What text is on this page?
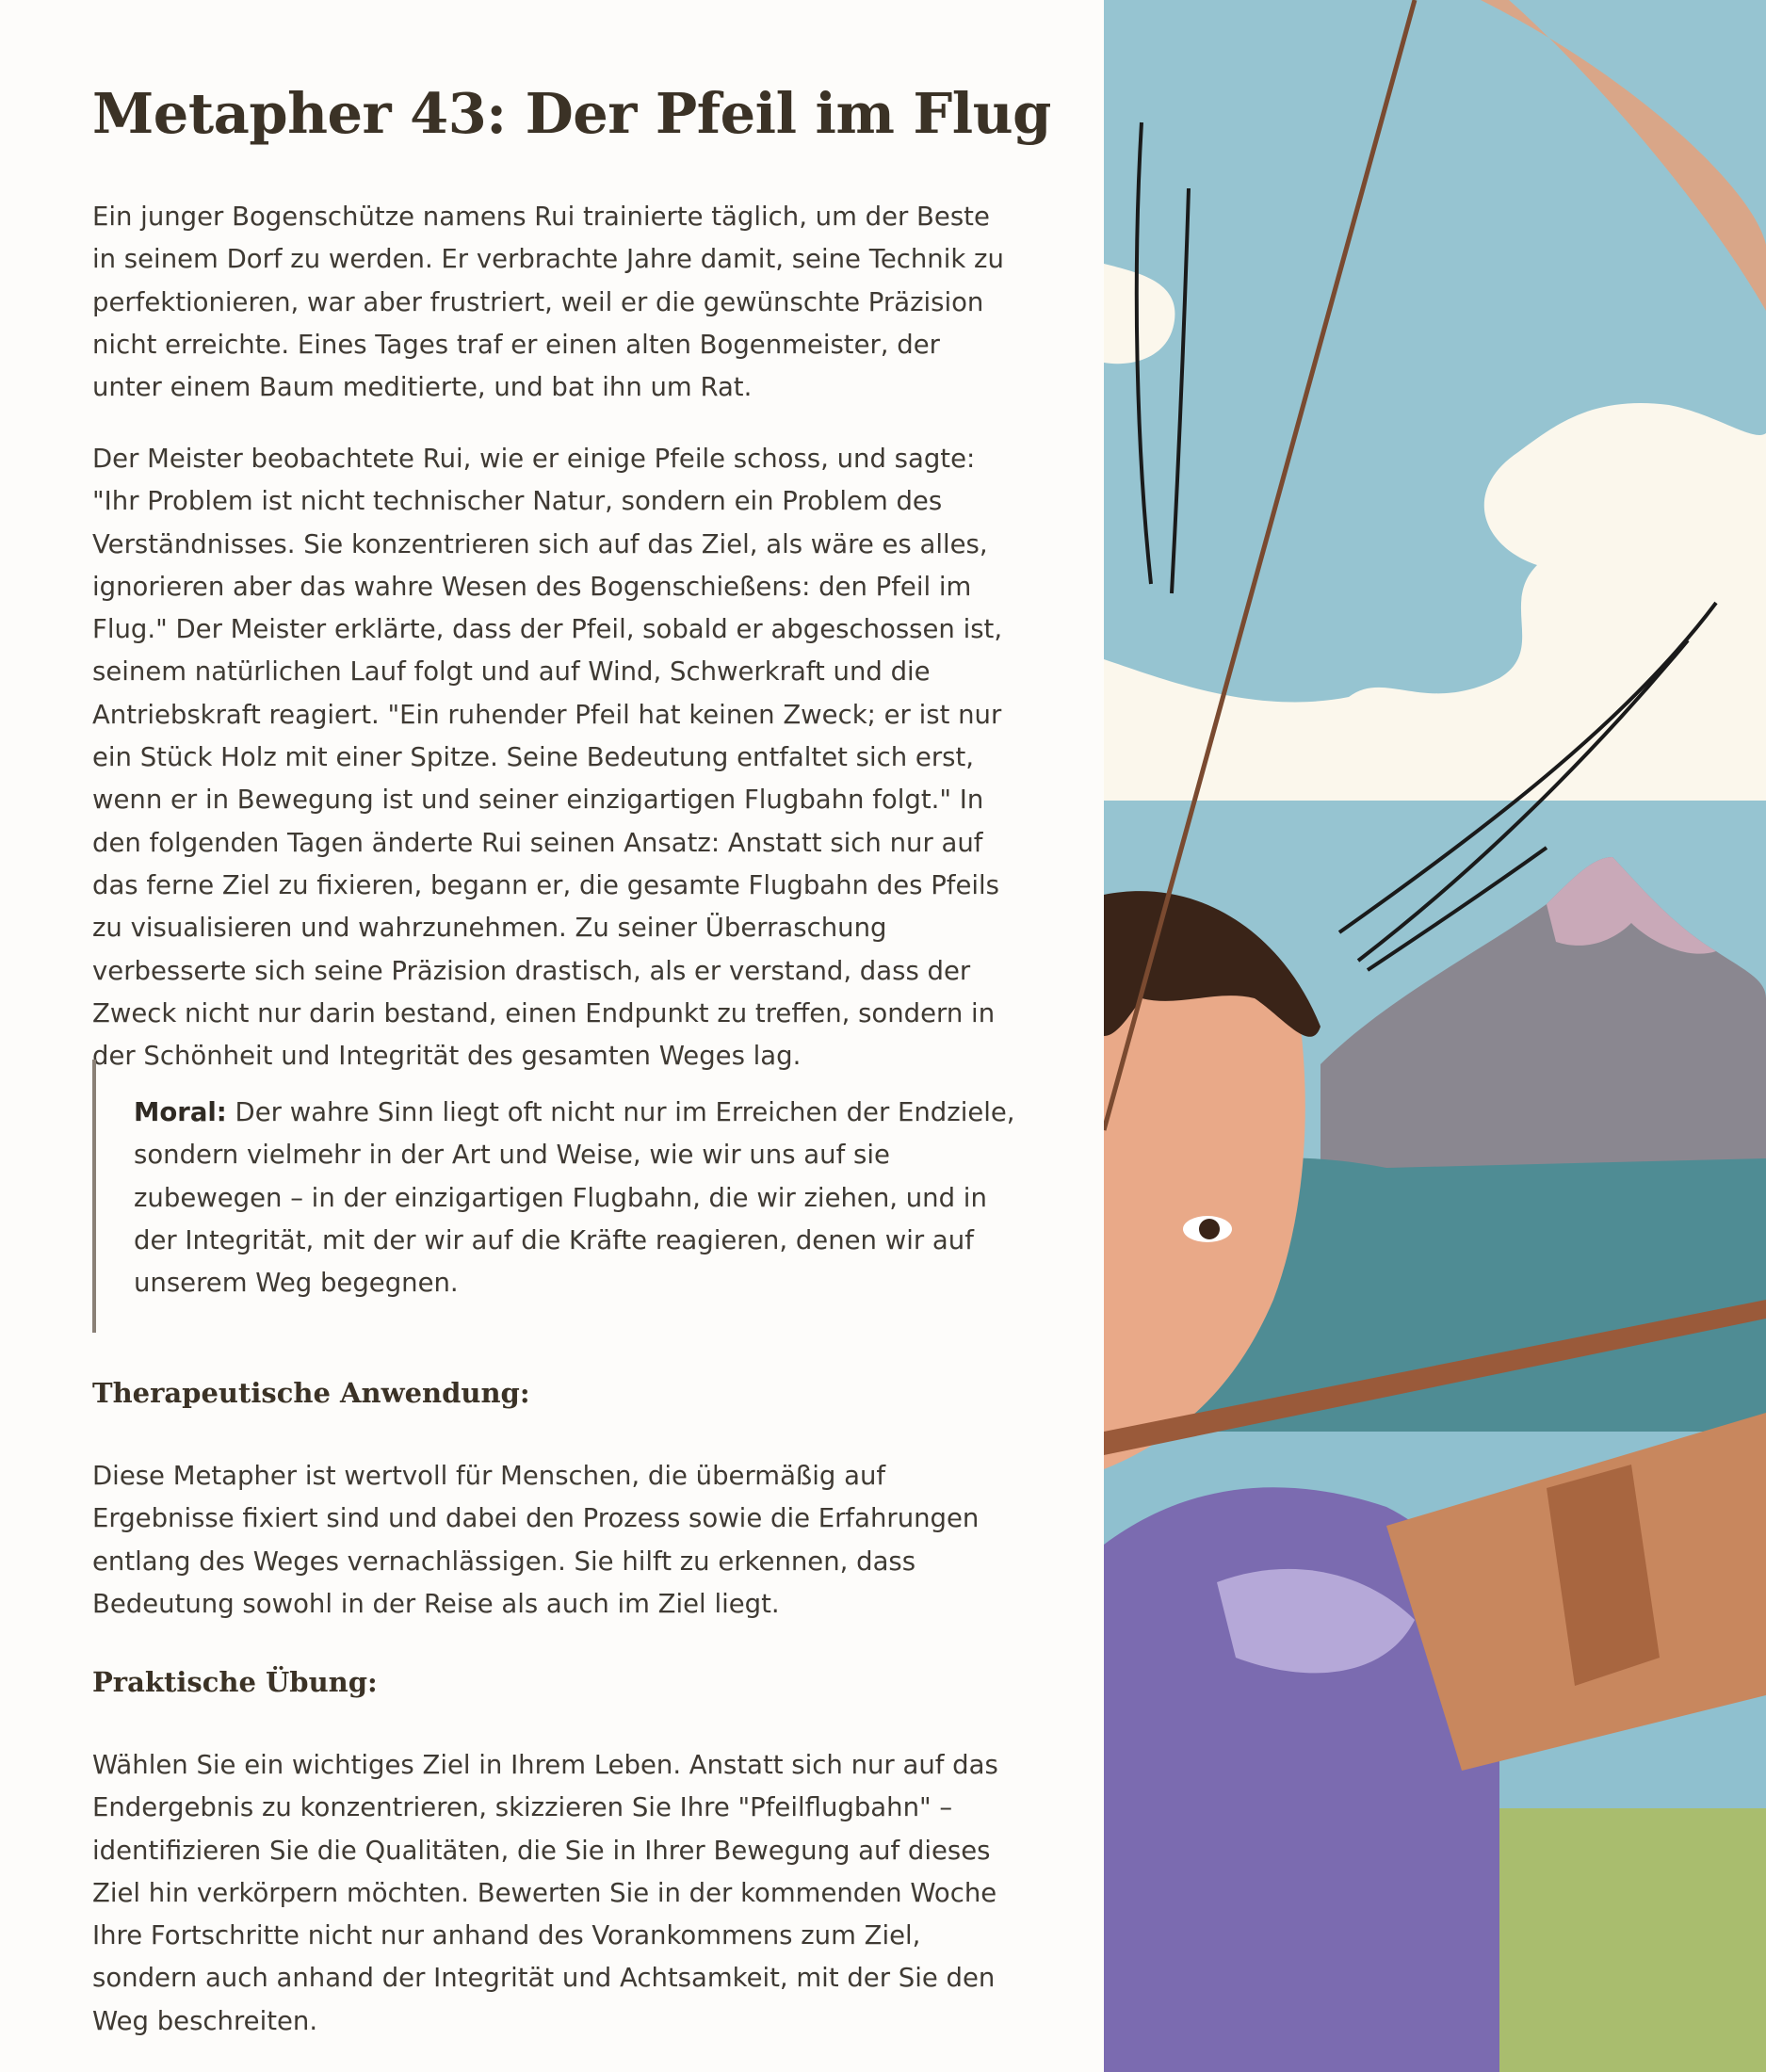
Metapher 43: Der Pfeil im Flug

Ein junger Bogenschütze namens Rui trainierte täglich, um der Beste in seinem Dorf zu werden. Er verbrachte Jahre damit, seine Technik zu perfektionieren, war aber frustriert, weil er die gewünschte Präzision nicht erreichte. Eines Tages traf er einen alten Bogenmeister, der unter einem Baum meditierte, und bat ihn um Rat.

Der Meister beobachtete Rui, wie er einige Pfeile schoss, und sagte: "Ihr Problem ist nicht technischer Natur, sondern ein Problem des Verständnisses. Sie konzentrieren sich auf das Ziel, als wäre es alles, ignorieren aber das wahre Wesen des Bogenschießens: den Pfeil im Flug." Der Meister erklärte, dass der Pfeil, sobald er abgeschossen ist, seinem natürlichen Lauf folgt und auf Wind, Schwerkraft und die Antriebskraft reagiert. "Ein ruhender Pfeil hat keinen Zweck; er ist nur ein Stück Holz mit einer Spitze. Seine Bedeutung entfaltet sich erst, wenn er in Bewegung ist und seiner einzigartigen Flugbahn folgt." In den folgenden Tagen änderte Rui seinen Ansatz: Anstatt sich nur auf das ferne Ziel zu fixieren, begann er, die gesamte Flugbahn des Pfeils zu visualisieren und wahrzunehmen. Zu seiner Überraschung verbesserte sich seine Präzision drastisch, als er verstand, dass der Zweck nicht nur darin bestand, einen Endpunkt zu treffen, sondern in der Schönheit und Integrität des gesamten Weges lag.

Moral: Der wahre Sinn liegt oft nicht nur im Erreichen der Endziele, sondern vielmehr in der Art und Weise, wie wir uns auf sie zubewegen – in der einzigartigen Flugbahn, die wir ziehen, und in der Integrität, mit der wir auf die Kräfte reagieren, denen wir auf unserem Weg begegnen.

Therapeutische Anwendung:

Diese Metapher ist wertvoll für Menschen, die übermäßig auf Ergebnisse fixiert sind und dabei den Prozess sowie die Erfahrungen entlang des Weges vernachlässigen. Sie hilft zu erkennen, dass Bedeutung sowohl in der Reise als auch im Ziel liegt.

Praktische Übung:

Wählen Sie ein wichtiges Ziel in Ihrem Leben. Anstatt sich nur auf das Endergebnis zu konzentrieren, skizzieren Sie Ihre "Pfeilflugbahn" – identifizieren Sie die Qualitäten, die Sie in Ihrer Bewegung auf dieses Ziel hin verkörpern möchten. Bewerten Sie in der kommenden Woche Ihre Fortschritte nicht nur anhand des Vorankommens zum Ziel, sondern auch anhand der Integrität und Achtsamkeit, mit der Sie den Weg beschreiten.
